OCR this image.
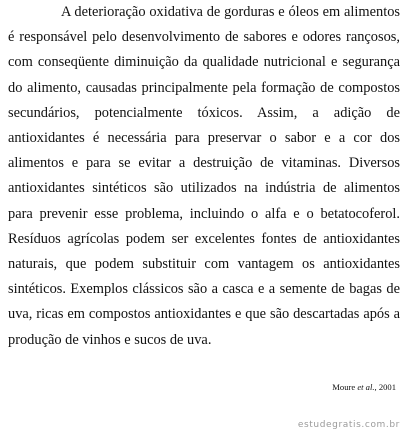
A deterioração oxidativa de gorduras e óleos em alimentos é responsável pelo desenvolvimento de sabores e odores rançosos, com conseqüente diminuição da qualidade nutricional e segurança do alimento, causadas principalmente pela formação de compostos secundários, potencialmente tóxicos. Assim, a adição de antioxidantes é necessária para preservar o sabor e a cor dos alimentos e para se evitar a destruição de vitaminas. Diversos antioxidantes sintéticos são utilizados na indústria de alimentos para prevenir esse problema, incluindo o alfa e o betatocoferol. Resíduos agrícolas podem ser excelentes fontes de antioxidantes naturais, que podem substituir com vantagem os antioxidantes sintéticos. Exemplos clássicos são a casca e a semente de bagas de uva, ricas em compostos antioxidantes e que são descartadas após a produção de vinhos e sucos de uva.

Moure et al., 2001
estudegratis.com.br
